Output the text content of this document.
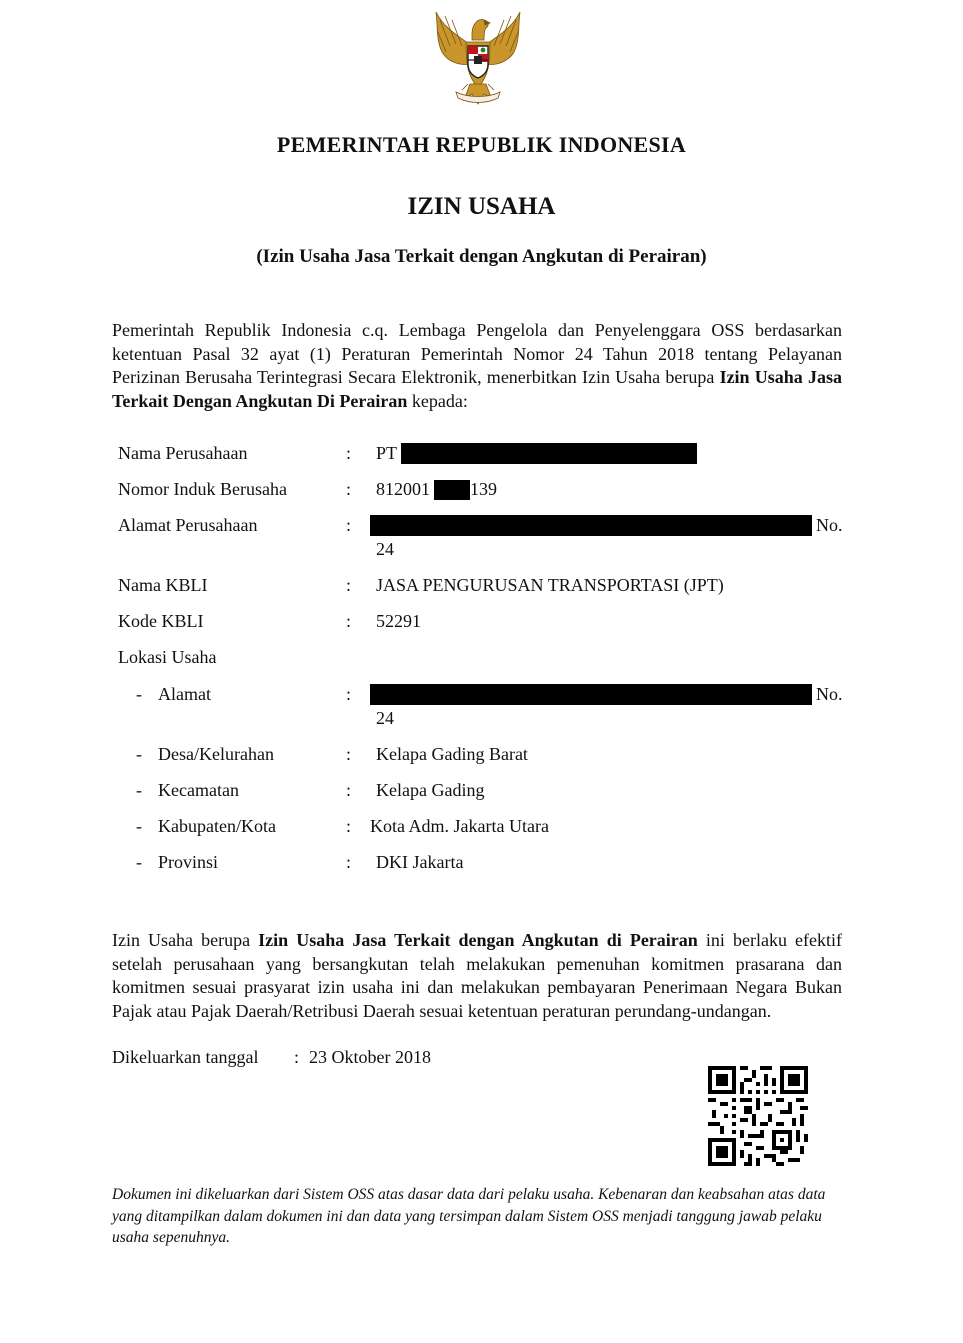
PEMERINTAH REPUBLIK INDONESIA
IZIN USAHA
(Izin Usaha Jasa Terkait dengan Angkutan di Perairan)
Pemerintah Republik Indonesia c.q. Lembaga Pengelola dan Penyelenggara OSS berdasarkan ketentuan Pasal 32 ayat (1) Peraturan Pemerintah Nomor 24 Tahun 2018 tentang Pelayanan Perizinan Berusaha Terintegrasi Secara Elektronik, menerbitkan Izin Usaha berupa Izin Usaha Jasa Terkait Dengan Angkutan Di Perairan kepada:
Nama Perusahaan	: PT
Nomor Induk Berusaha	: 812001 139
Alamat Perusahaan	:	No.
24
Nama KBLI	: JASA PENGURUSAN TRANSPORTASI (JPT)
Kode KBLI	: 52291
Lokasi Usaha
- Alamat	:	No.
24
- Desa/Kelurahan	: Kelapa Gading Barat
- Kecamatan	: Kelapa Gading
- Kabupaten/Kota	: Kota Adm. Jakarta Utara
- Provinsi	: DKI Jakarta
Izin Usaha berupa Izin Usaha Jasa Terkait dengan Angkutan di Perairan ini berlaku efektif setelah perusahaan yang bersangkutan telah melakukan pemenuhan komitmen prasarana dan komitmen sesuai prasyarat izin usaha ini dan melakukan pembayaran Penerimaan Negara Bukan Pajak atau Pajak Daerah/Retribusi Daerah sesuai ketentuan peraturan perundang-undangan.
Dikeluarkan tanggal : 23 Oktober 2018
Dokumen ini dikeluarkan dari Sistem OSS atas dasar data dari pelaku usaha. Kebenaran dan keabsahan atas data yang ditampilkan dalam dokumen ini dan data yang tersimpan dalam Sistem OSS menjadi tanggung jawab pelaku usaha sepenuhnya.
